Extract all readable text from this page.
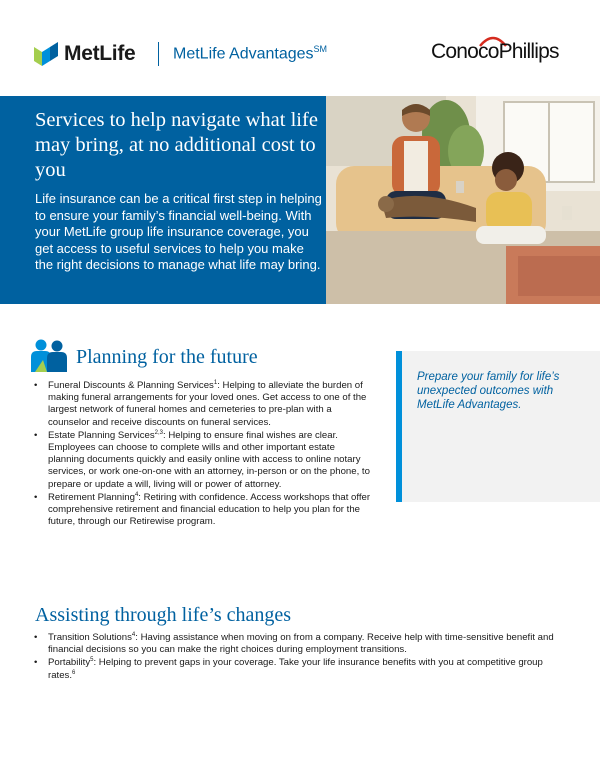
MetLife MetLife Advantages℠	ConocoPhillips
Services to help navigate what life may bring, at no additional cost to you
Life insurance can be a critical first step in helping to ensure your family’s financial well-being. With your MetLife group life insurance coverage, you get access to useful services to help you make the right decisions to manage what life may bring.
Planning for the future
• Funeral Discounts & Planning Services$^1$: Helping to alleviate the burden of making funeral arrangements for your loved ones. Get access to one of the largest network of funeral homes and cemeteries to pre-plan with a counselor and receive discounts on funeral services.
• Estate Planning Services$^{2,3}$: Helping to ensure final wishes are clear. Employees can choose to complete wills and other important estate planning documents quickly and easily online with access to online notary services, or work one-on-one with an attorney, in-person or on the phone, to prepare or update a will, living will or power of attorney.
• Retirement Planning$^4$: Retiring with confidence. Access workshops that offer comprehensive retirement and financial education to help you plan for the future, through our Retirewise program.
Prepare your family for life’s unexpected outcomes with MetLife Advantages.
Assisting through life’s changes
• Transition Solutions$^4$: Having assistance when moving on from a company. Receive help with time-sensitive benefit and financial decisions so you can make the right choices during employment transitions.
• Portability$^5$: Helping to prevent gaps in your coverage. Take your life insurance benefits with you at competitive group rates.$^6$
